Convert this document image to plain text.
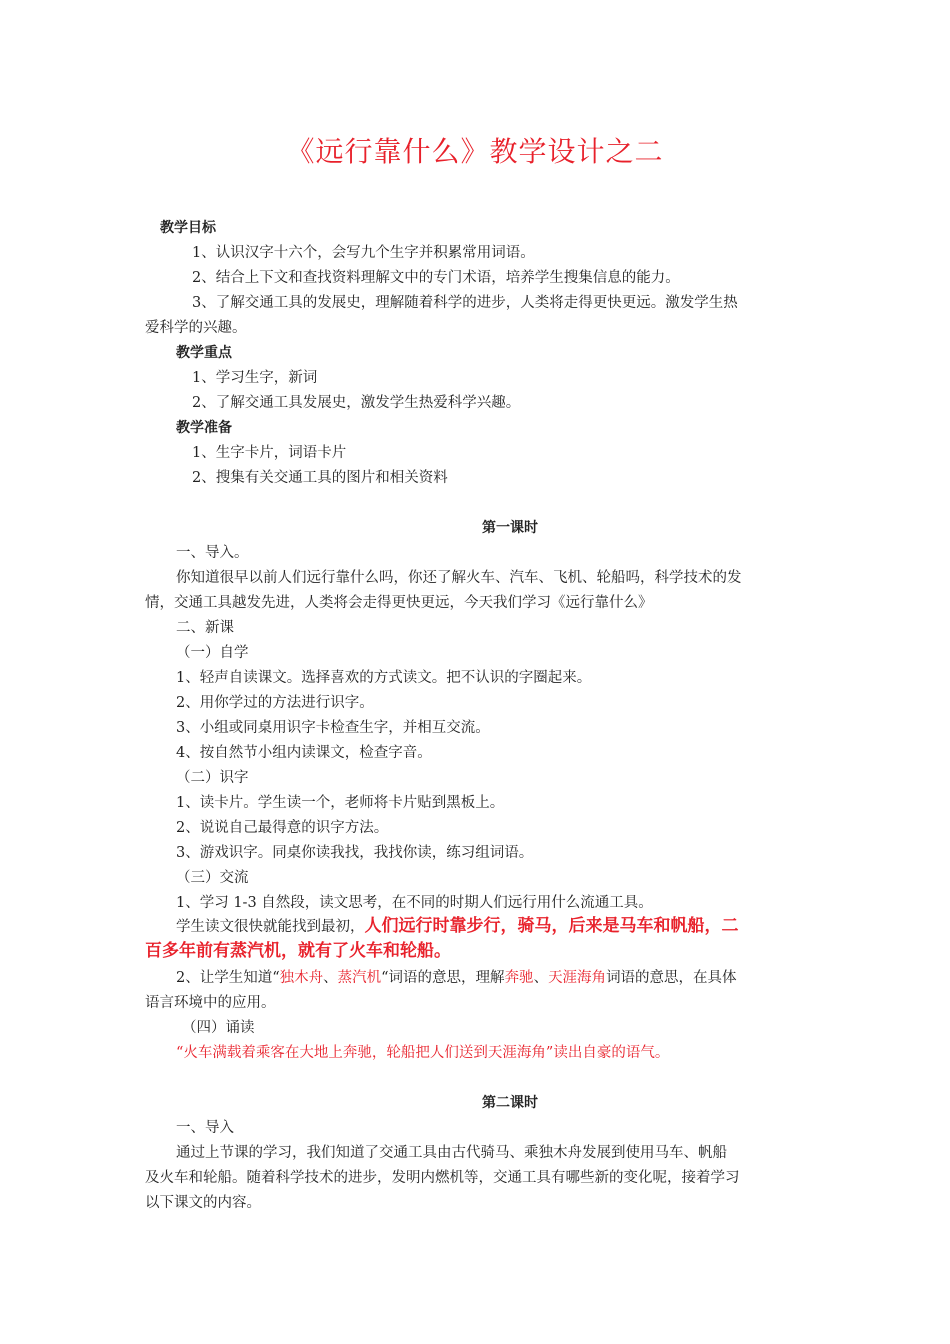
《远行靠什么》教学设计之二
教学目标
1、认识汉字十六个，会写九个生字并积累常用词语。
2、结合上下文和查找资料理解文中的专门术语，培养学生搜集信息的能力。
3、了解交通工具的发展史，理解随着科学的进步，人类将走得更快更远。激发学生热
爱科学的兴趣。
教学重点
1、学习生字，新词
2、了解交通工具发展史，激发学生热爱科学兴趣。
教学准备
1、生字卡片，词语卡片
2、搜集有关交通工具的图片和相关资料
第一课时
一、导入。
你知道很早以前人们远行靠什么吗，你还了解火车、汽车、飞机、轮船吗，科学技术的发
情，交通工具越发先进，人类将会走得更快更远，今天我们学习《远行靠什么》
二、新课
（一）自学
1、轻声自读课文。选择喜欢的方式读文。把不认识的字圈起来。
2、用你学过的方法进行识字。
3、小组或同桌用识字卡检查生字，并相互交流。
4、按自然节小组内读课文，检查字音。
（二）识字
1、读卡片。学生读一个，老师将卡片贴到黑板上。
2、说说自己最得意的识字方法。
3、游戏识字。同桌你读我找，我找你读，练习组词语。
（三）交流
1、学习 1-3 自然段，读文思考，在不同的时期人们远行用什么流通工具。
学生读文很快就能找到最初，人们远行时靠步行，骑马，后来是马车和帆船，二
百多年前有蒸汽机，就有了火车和轮船。
2、让学生知道“独木舟、蒸汽机“词语的意思，理解奔驰、天涯海角词语的意思，在具体
语言环境中的应用。
（四）诵读
“火车满载着乘客在大地上奔驰，轮船把人们送到天涯海角”读出自豪的语气。
第二课时
一、导入
通过上节课的学习，我们知道了交通工具由古代骑马、乘独木舟发展到使用马车、帆船
及火车和轮船。随着科学技术的进步，发明内燃机等，交通工具有哪些新的变化呢，接着学习
以下课文的内容。
